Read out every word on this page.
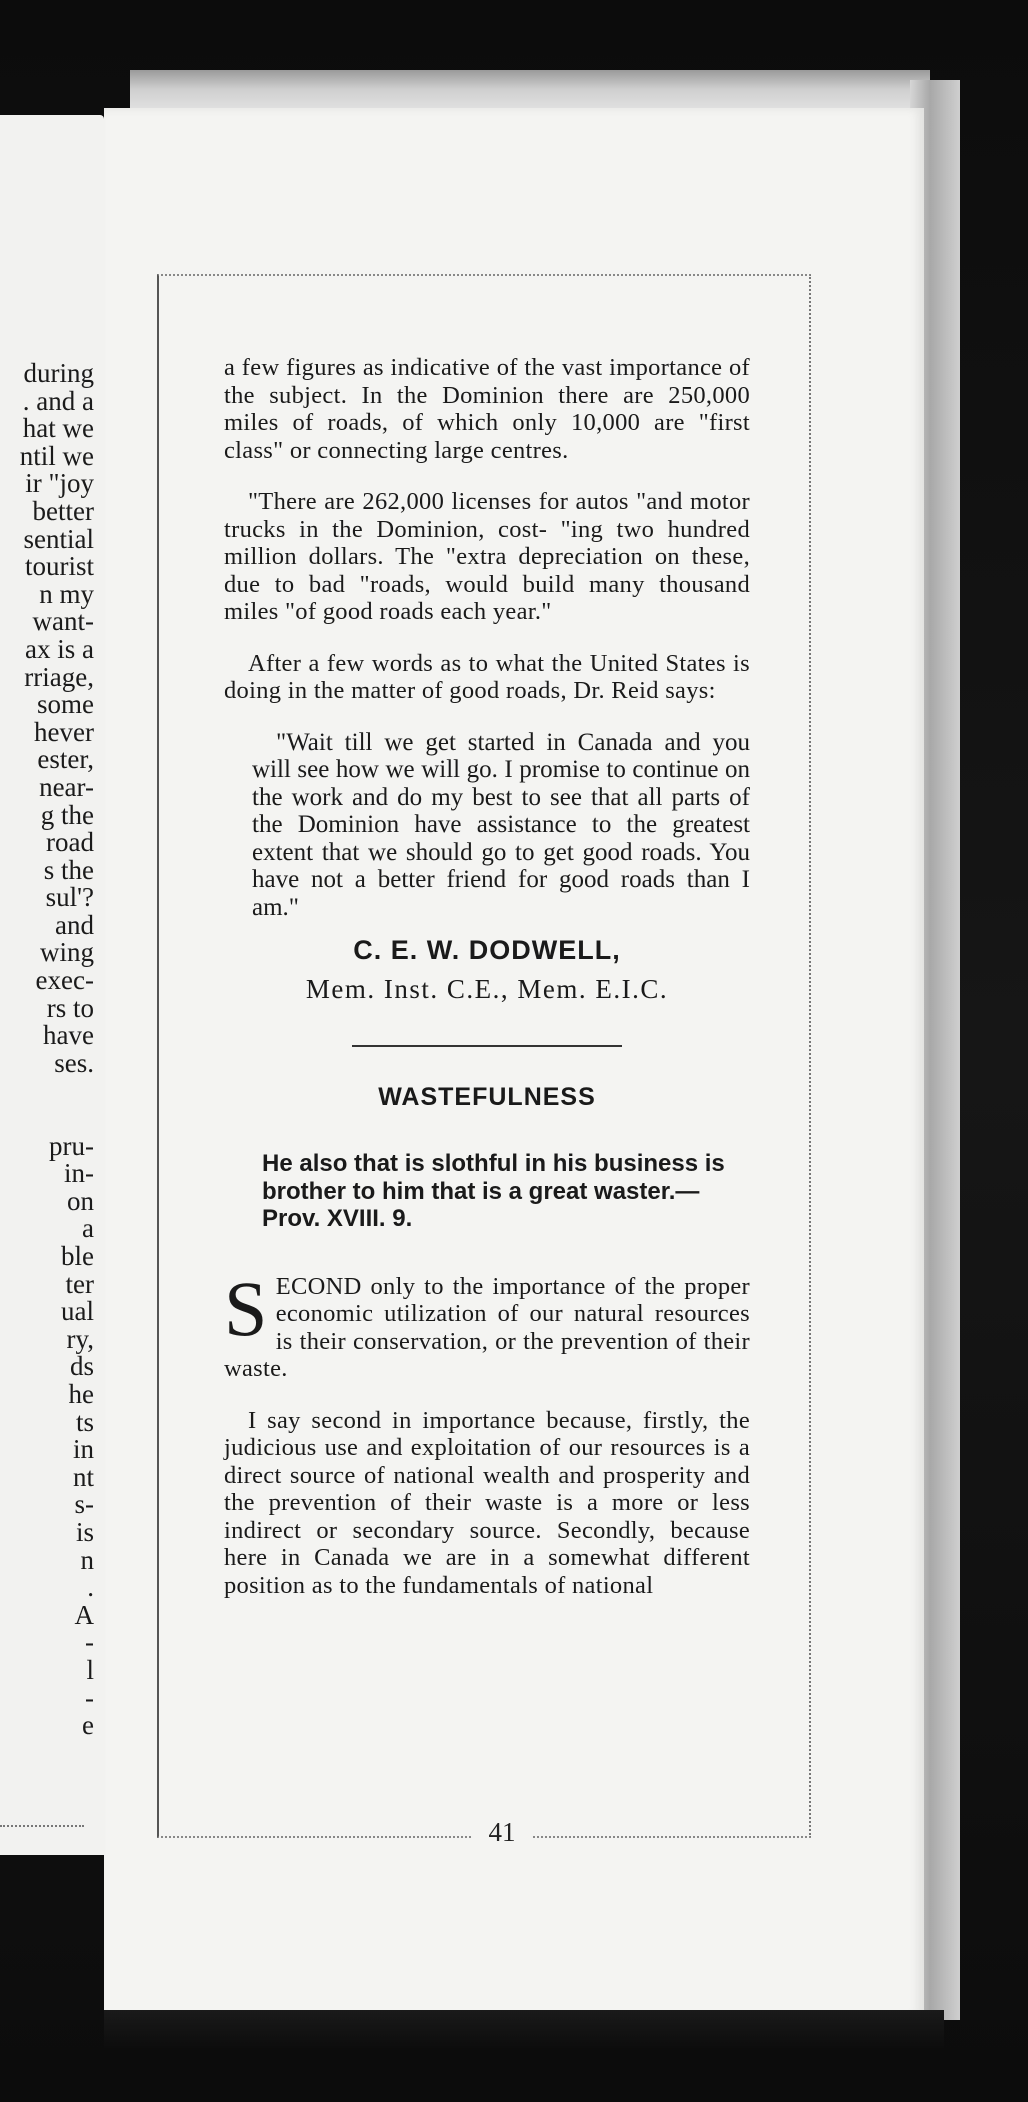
during
. and a
hat we
ntil we
ir "joy
better
sential
tourist
n my
want-
ax is a
rriage,
some
hever
ester,
near-
g the
road
s the
sul'?
and
wing
exec-
rs to
have
ses.

pru-
in-
on
a
ble
ter
ual
ry,
ds
he
ts
in
nt
s-
is
n
.
A
-
l
-
e

a few figures as indicative of the vast importance of the subject. In the Dominion there are 250,000 miles of roads, of which only 10,000 are "first class" or connecting large centres.

"There are 262,000 licenses for autos "and motor trucks in the Dominion, cost- "ing two hundred million dollars. The "extra depreciation on these, due to bad "roads, would build many thousand miles "of good roads each year."

After a few words as to what the United States is doing in the matter of good roads, Dr. Reid says:

"Wait till we get started in Canada and you will see how we will go. I promise to continue on the work and do my best to see that all parts of the Dominion have assistance to the greatest extent that we should go to get good roads. You have not a better friend for good roads than I am."

C. E. W. DODWELL,
Mem. Inst. C.E., Mem. E.I.C.
WASTEFULNESS
He also that is slothful in his business is brother to him that is a great waster.—Prov. XVIII. 9.

SECOND only to the importance of the proper economic utilization of our natural resources is their conservation, or the prevention of their waste.

I say second in importance because, firstly, the judicious use and exploitation of our resources is a direct source of national wealth and prosperity and the prevention of their waste is a more or less indirect or secondary source. Secondly, because here in Canada we are in a somewhat different position as to the fundamentals of national

41
